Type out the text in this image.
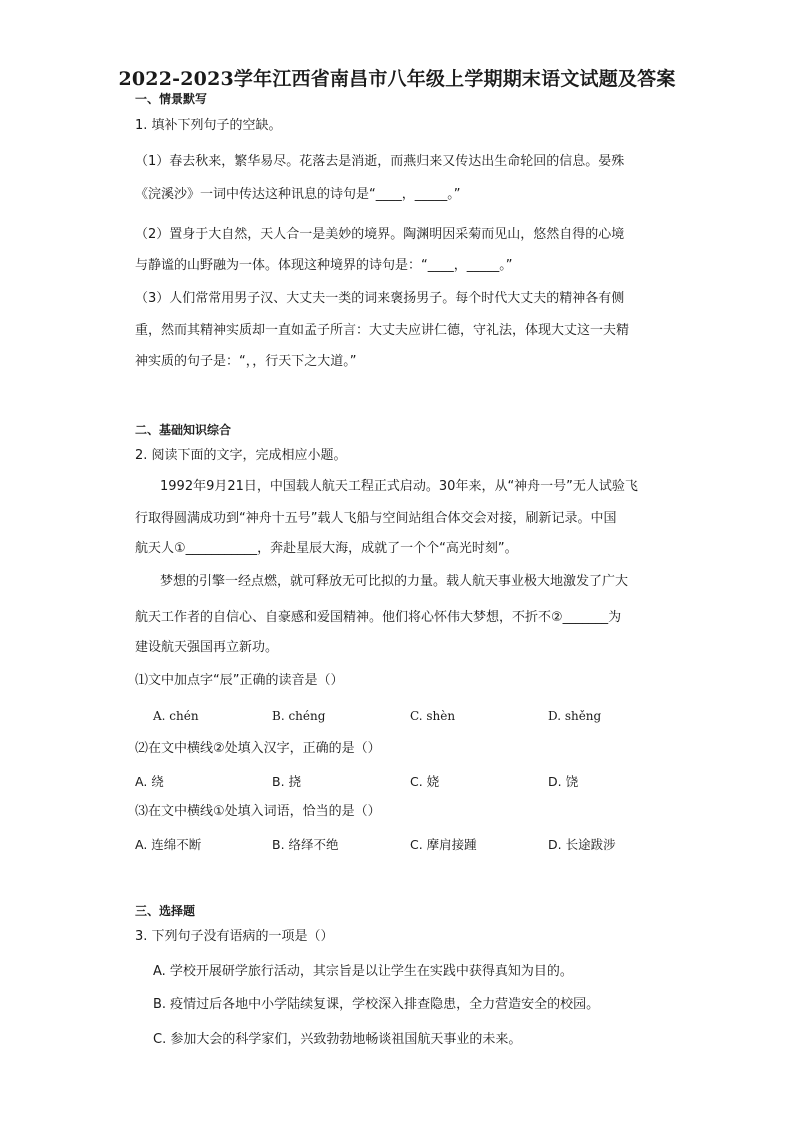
2022-2023学年江西省南昌市八年级上学期期末语文试题及答案
一、情景默写
1. 填补下列句子的空缺。
（1）春去秋来，繁华易尽。花落去是消逝，而燕归来又传达出生命轮回的信息。晏殊
《浣溪沙》一词中传达这种讯息的诗句是“____，_____。”
（2）置身于大自然，天人合一是美妙的境界。陶渊明因采菊而见山，悠然自得的心境
与静谧的山野融为一体。体现这种境界的诗句是：“____，_____。”
（3）人们常常用男子汉、大丈夫一类的词来褒扬男子。每个时代大丈夫的精神各有侧
重，然而其精神实质却一直如孟子所言：大丈夫应讲仁德，守礼法，体现大丈这一夫精
神实质的句子是：“，，行天下之大道。”
二、基础知识综合
2. 阅读下面的文字，完成相应小题。
1992年9月21日，中国载人航天工程正式启动。30年来，从“神舟一号”无人试验飞
行取得圆满成功到“神舟十五号”载人飞船与空间站组合体交会对接，刷新记录。中国
航天人①___________，奔赴星辰大海，成就了一个个“高光时刻”。
梦想的引擎一经点燃，就可释放无可比拟的力量。载人航天事业极大地激发了广大
航天工作者的自信心、自豪感和爱国精神。他们将心怀伟大梦想，不折不②_______为
建设航天强国再立新功。
⑴文中加点字“辰”正确的读音是（）
A. chén	B. chéng	C. shèn	D. shěng
⑵在文中横线②处填入汉字，正确的是（）
A. 绕	B. 挠	C. 娆	D. 饶
⑶在文中横线①处填入词语，恰当的是（）
A. 连绵不断	B. 络绎不绝	C. 摩肩接踵	D. 长途跋涉
三、选择题
3. 下列句子没有语病的一项是（）
A. 学校开展研学旅行活动，其宗旨是以让学生在实践中获得真知为目的。
B. 疫情过后各地中小学陆续复课，学校深入排查隐患，全力营造安全的校园。
C. 参加大会的科学家们，兴致勃勃地畅谈祖国航天事业的未来。
